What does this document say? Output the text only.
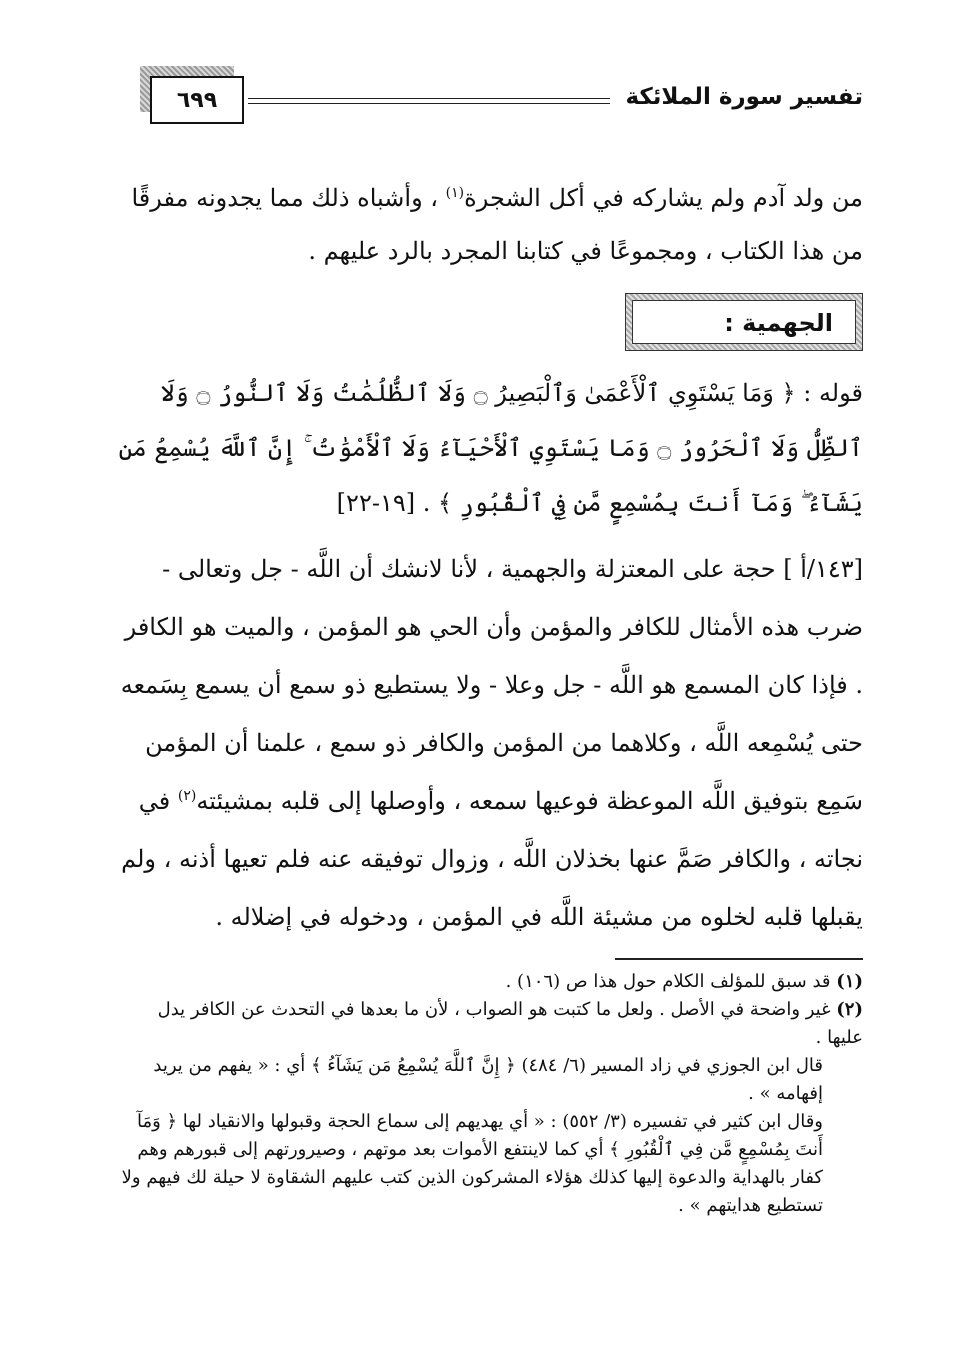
تفسير سورة الملائكة
٦٩٩
من ولد آدم ولم يشاركه في أكل الشجرة$^{(١)}$ ، وأشباه ذلك مما يجدونه مفرقًا من هذا الكتاب ، ومجموعًا في كتابنا المجرد بالرد عليهم .
الجهمية :
قوله : ﴿ وَمَا يَسْتَوِي ٱلْأَعْمَىٰ وَٱلْبَصِيرُ ۝ وَلَا ٱلظُّلُمَٰتُ وَلَا ٱلنُّورُ ۝ وَلَا ٱلظِّلُّ وَلَا ٱلْحَرُورُ ۝ وَمَا يَسْتَوِي ٱلْأَحْيَآءُ وَلَا ٱلْأَمْوَٰتُ ۚ إِنَّ ٱللَّهَ يُسْمِعُ مَن يَشَآءُ ۖ وَمَآ أَنتَ بِمُسْمِعٍ مَّن فِي ٱلْقُبُورِ ﴾ . [١٩-٢٢]
[١٤٣/أ ] حجة على المعتزلة والجهمية ، لأنا لانشك أن اللَّه - جل وتعالى - ضرب هذه الأمثال للكافر والمؤمن وأن الحي هو المؤمن ، والميت هو الكافر . فإذا كان المسمع هو اللَّه - جل وعلا - ولا يستطيع ذو سمع أن يسمع بِسَمعه حتى يُسْمِعه اللَّه ، وكلاهما من المؤمن والكافر ذو سمع ، علمنا أن المؤمن سَمِع بتوفيق اللَّه الموعظة فوعيها سمعه ، وأوصلها إلى قلبه بمشيئته$^{(٢)}$ في نجاته ، والكافر صَمَّ عنها بخذلان اللَّه ، وزوال توفيقه عنه فلم تعيها أذنه ، ولم يقبلها قلبه لخلوه من مشيئة اللَّه في المؤمن ، ودخوله في إضلاله .

(١) قد سبق للمؤلف الكلام حول هذا ص (١٠٦) .

(٢) غير واضحة في الأصل . ولعل ما كتبت هو الصواب ، لأن ما بعدها في التحدث عن الكافر يدل عليها .

قال ابن الجوزي في زاد المسير (٦/ ٤٨٤) ﴿ إِنَّ ٱللَّهَ يُسْمِعُ مَن يَشَآءُ ﴾ أي : « يفهم من يريد إفهامه » .

وقال ابن كثير في تفسيره (٣/ ٥٥٢) : « أي يهديهم إلى سماع الحجة وقبولها والانقياد لها ﴿ وَمَآ أَنتَ بِمُسْمِعٍ مَّن فِي ٱلْقُبُورِ ﴾ أي كما لاينتفع الأموات بعد موتهم ، وصيرورتهم إلى قبورهم وهم كفار بالهداية والدعوة إليها كذلك هؤلاء المشركون الذين كتب عليهم الشقاوة لا حيلة لك فيهم ولا تستطيع هدايتهم » .
